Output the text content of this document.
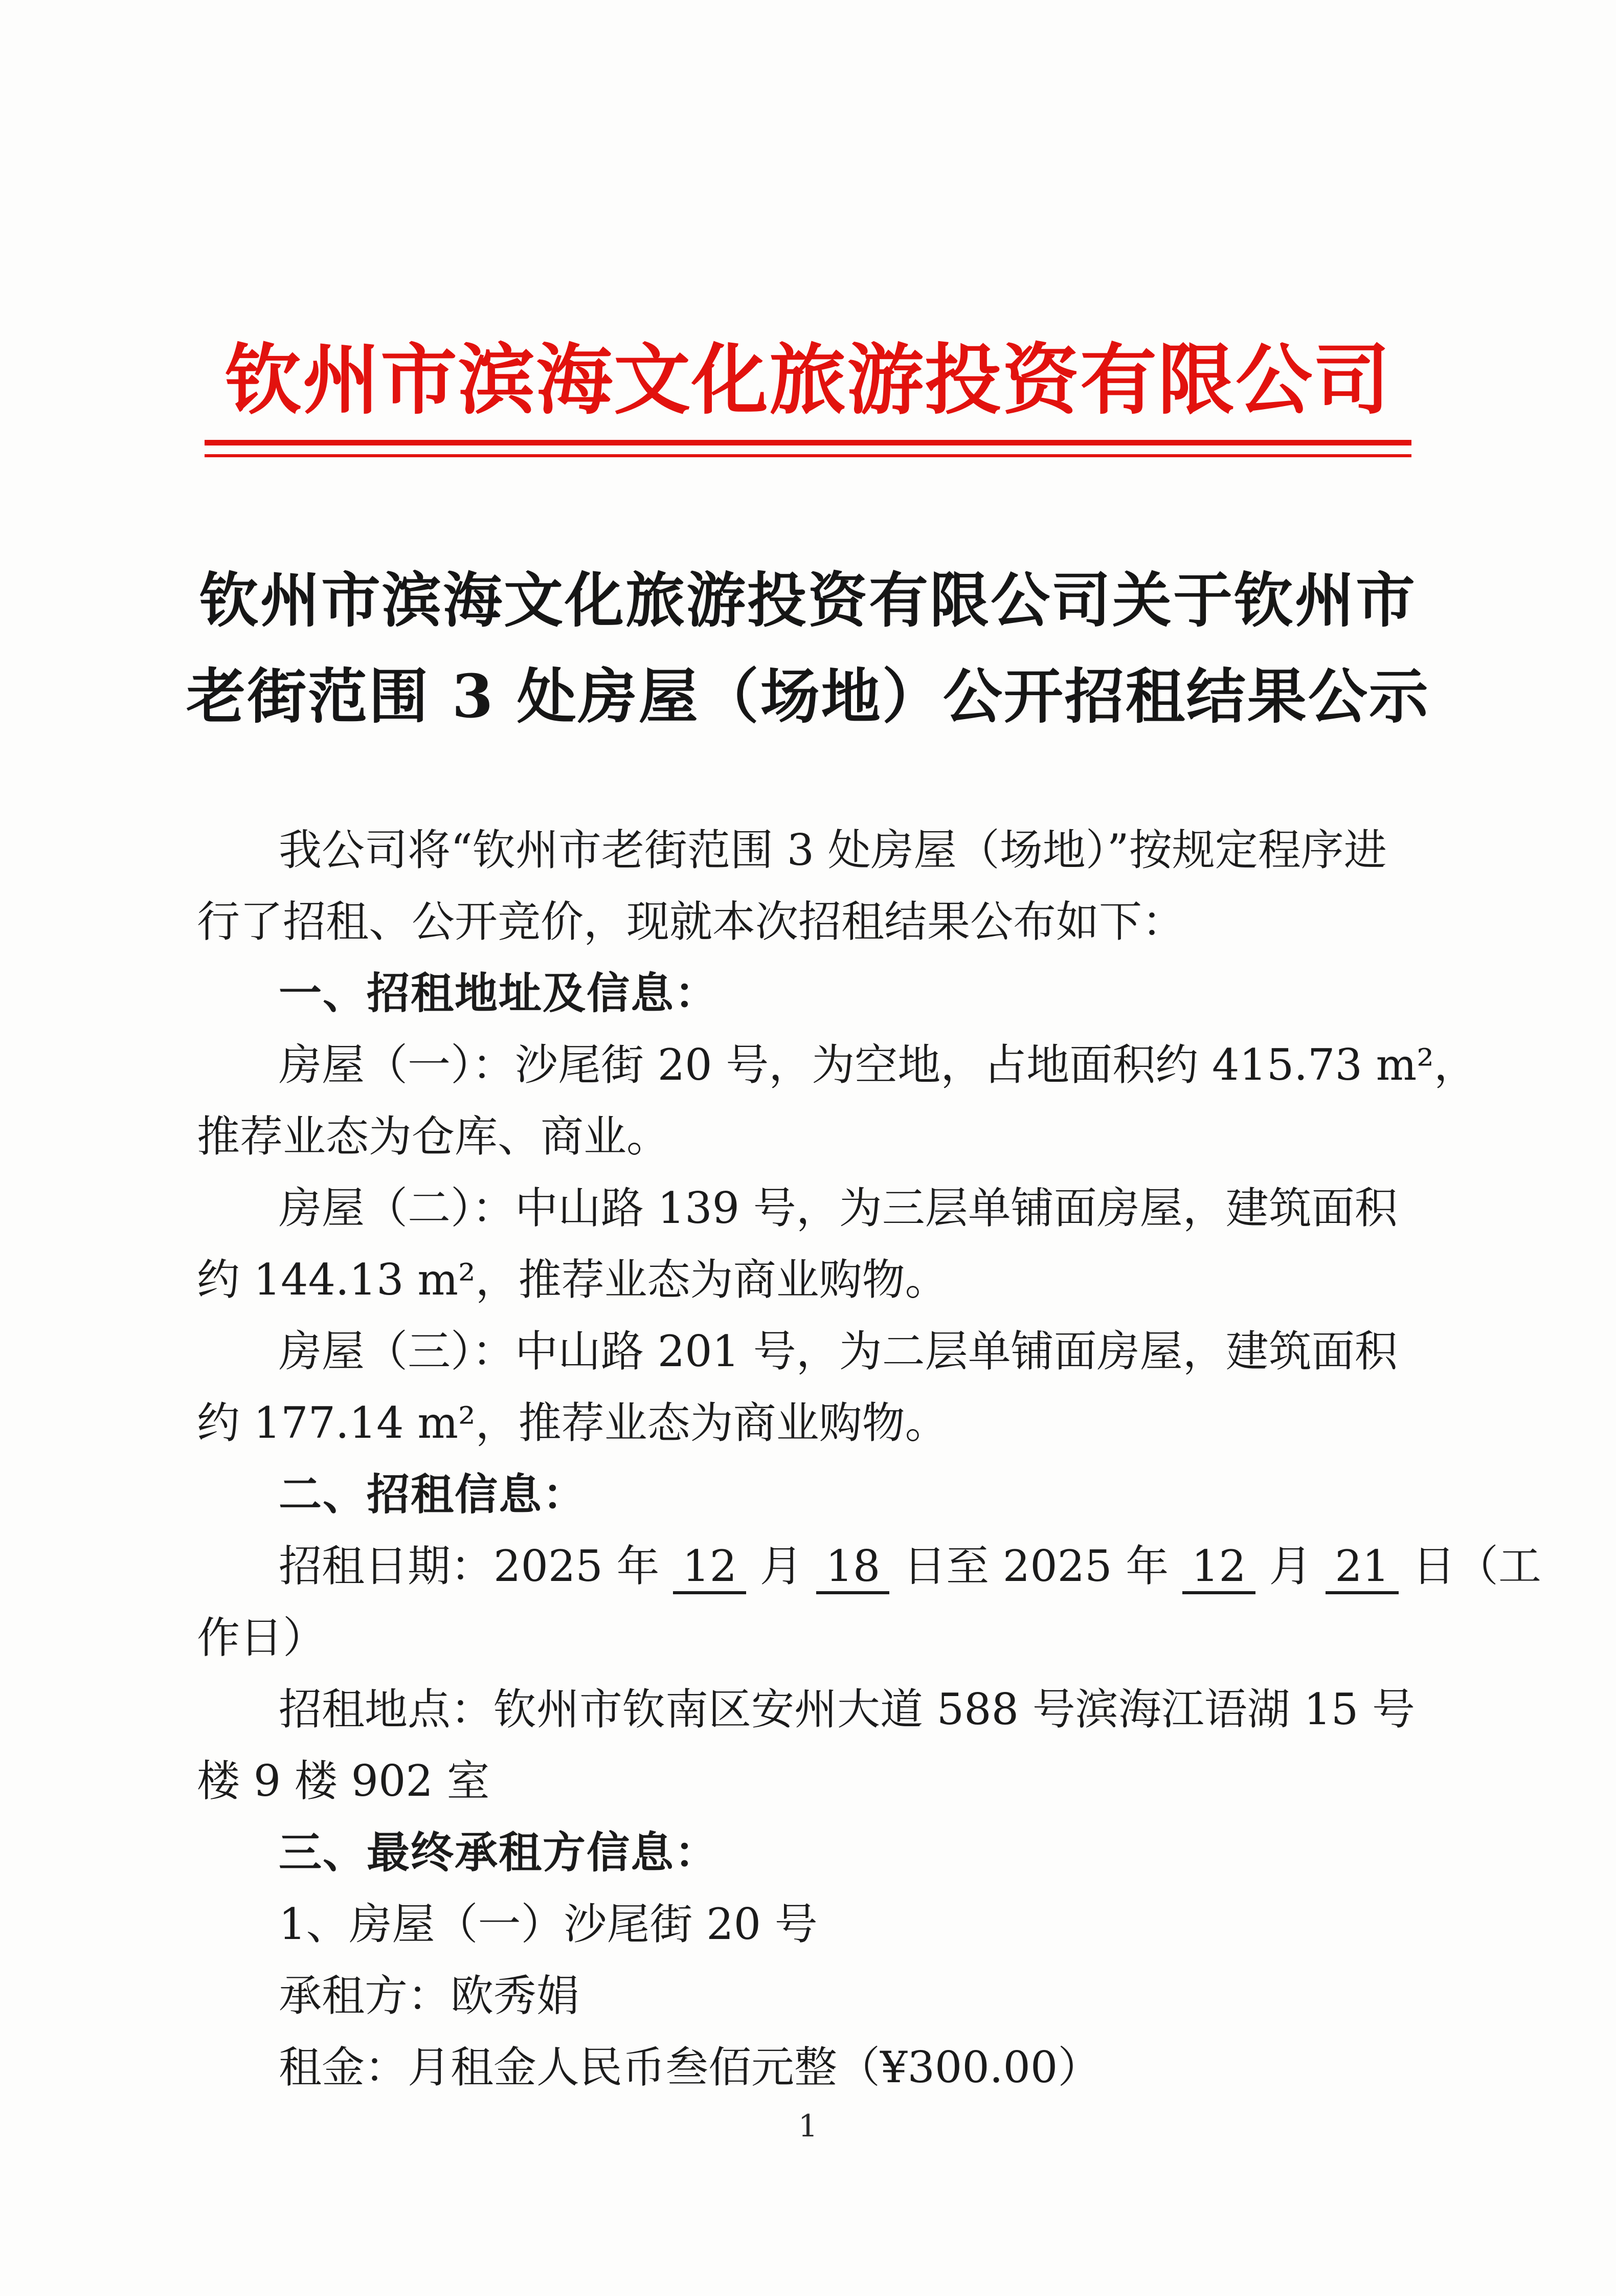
钦州市滨海文化旅游投资有限公司
钦州市滨海文化旅游投资有限公司关于钦州市
老街范围 3 处房屋（场地）公开招租结果公示
我公司将“钦州市老街范围 3 处房屋（场地）”按规定程序进
行了招租、公开竞价，现就本次招租结果公布如下：
一、招租地址及信息：
房屋（一）：沙尾街 20 号，为空地，占地面积约 415.73 m²，
推荐业态为仓库、商业。
房屋（二）：中山路 139 号，为三层单铺面房屋，建筑面积
约 144.13 m²，推荐业态为商业购物。
房屋（三）：中山路 201 号，为二层单铺面房屋，建筑面积
约 177.14 m²，推荐业态为商业购物。
二、招租信息：
招租日期：2025 年 12 月 18 日至 2025 年 12 月 21 日（工
作日）
招租地点：钦州市钦南区安州大道 588 号滨海江语湖 15 号
楼 9 楼 902 室
三、最终承租方信息：
1、房屋（一）沙尾街 20 号
承租方：欧秀娟
租金：月租金人民币叁佰元整（¥300.00）
1
